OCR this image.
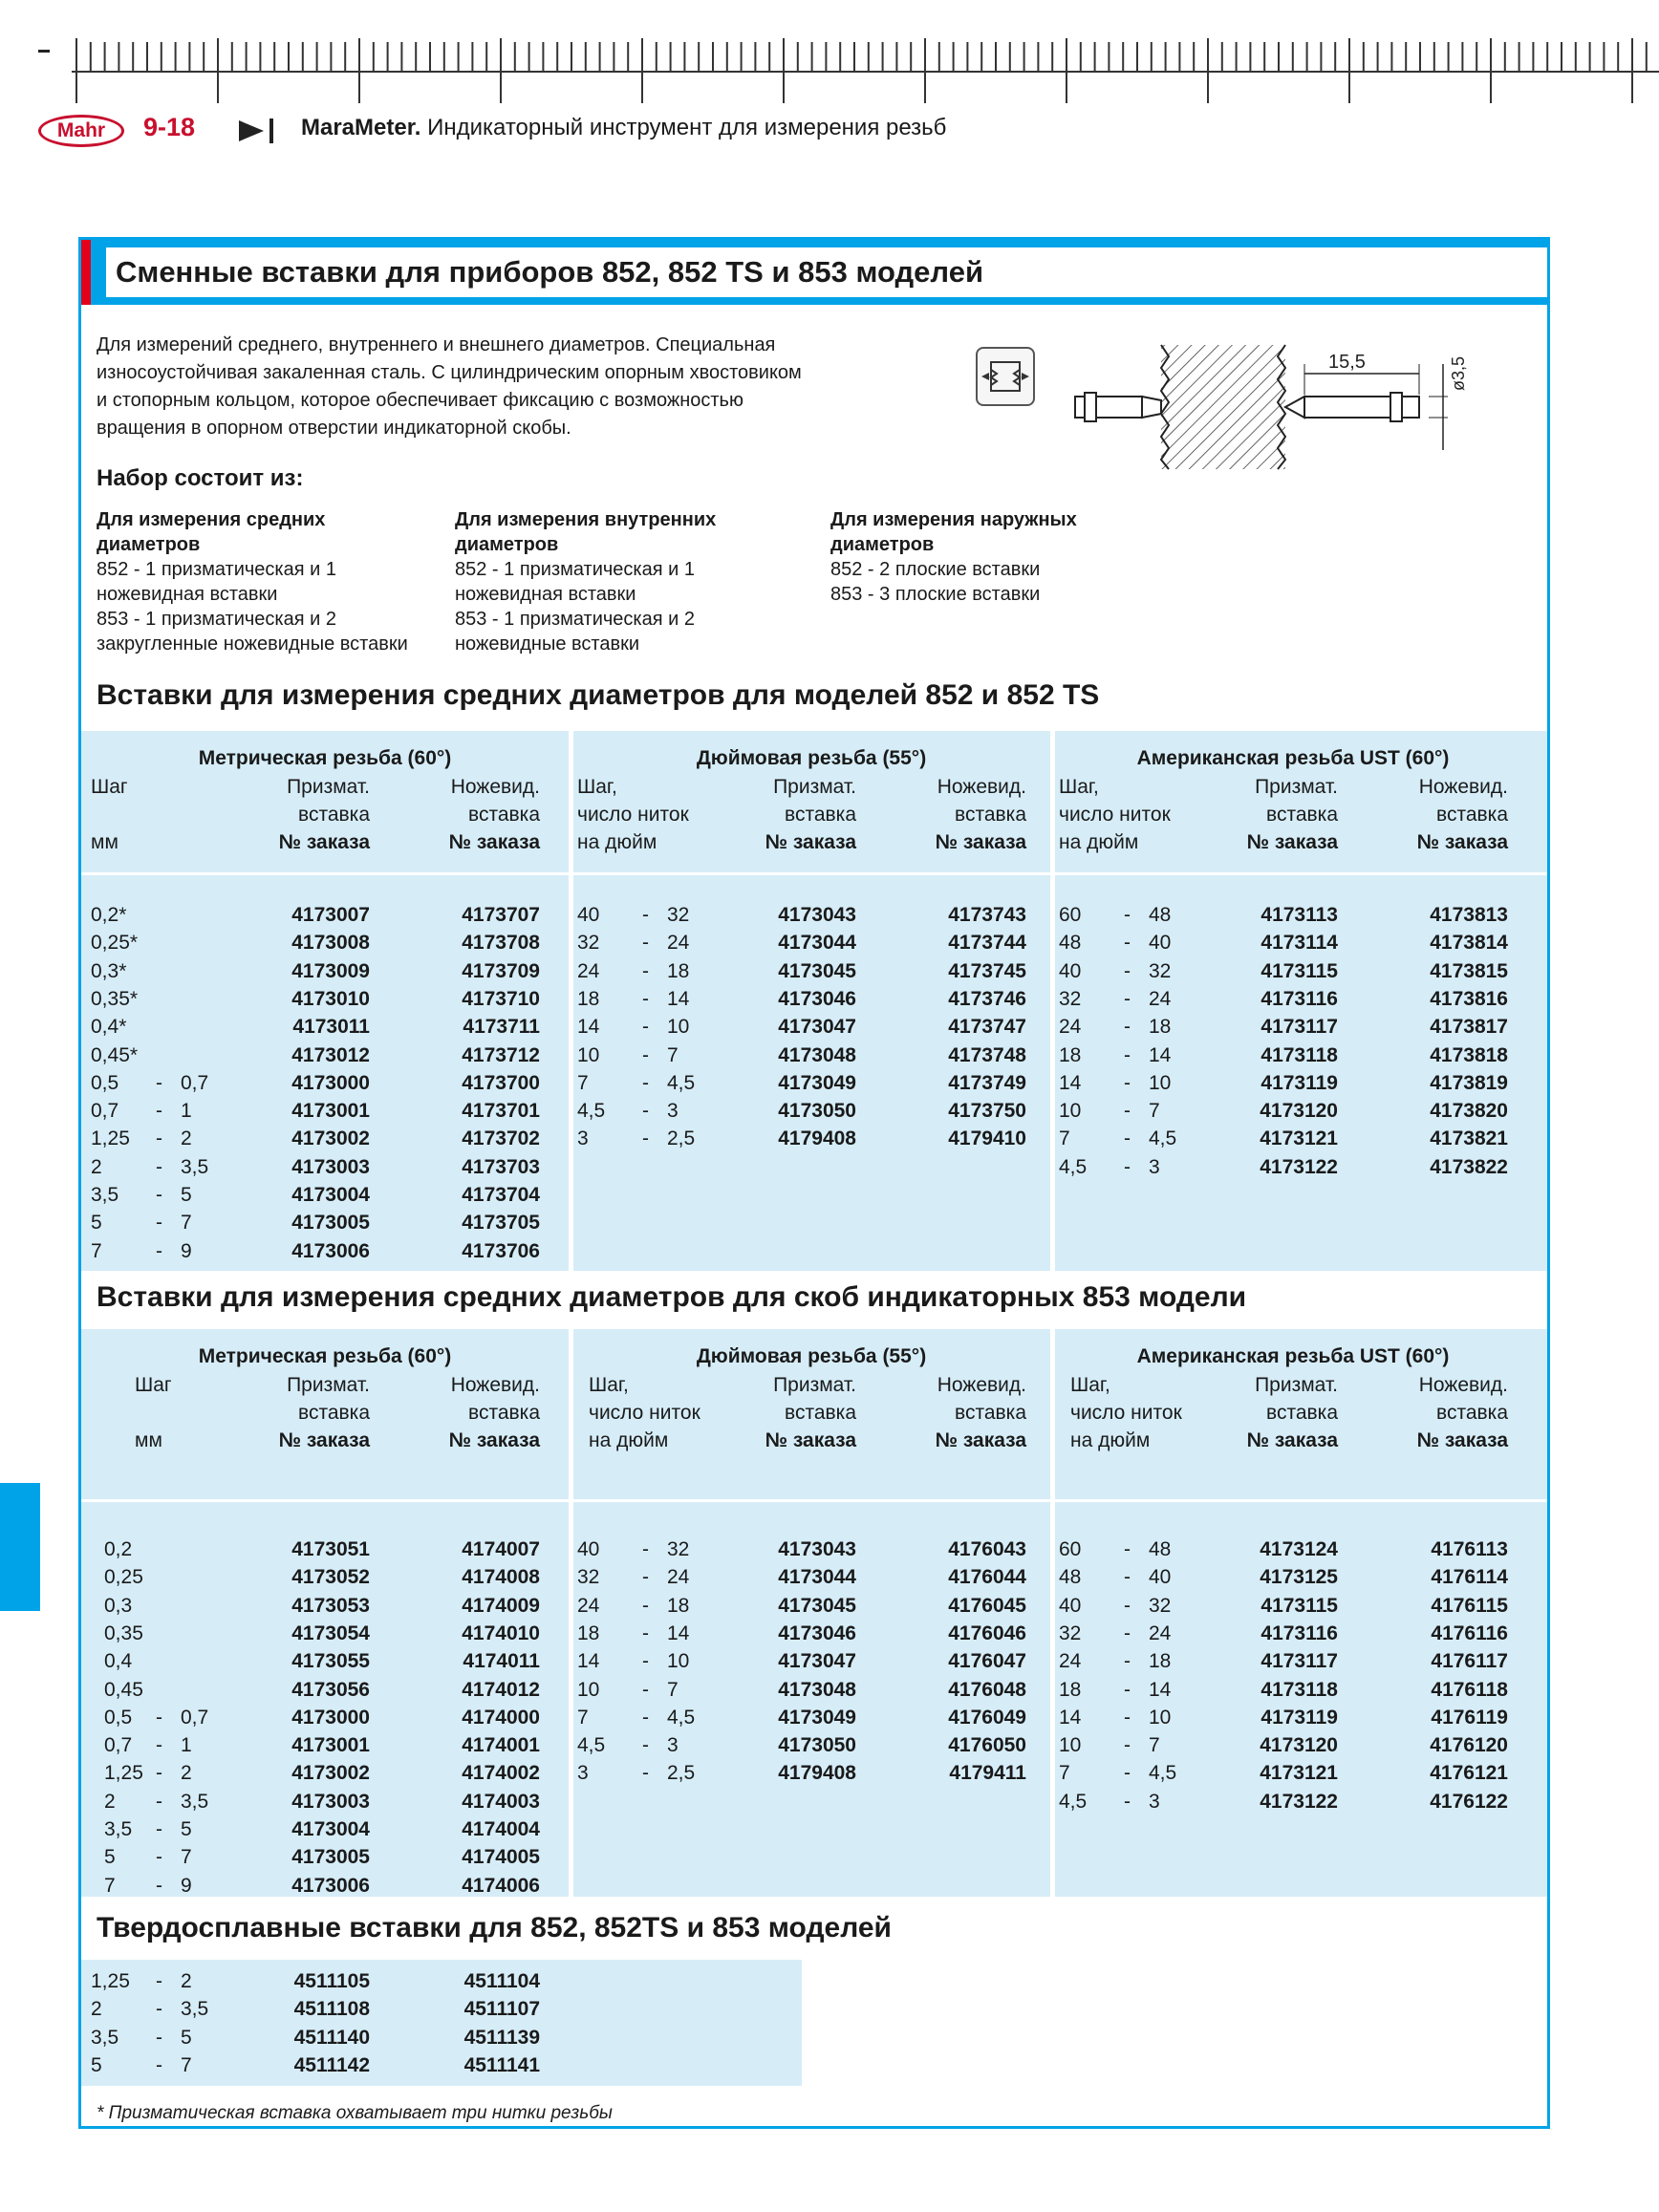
Mahr	9-18	MaraMeter. Индикаторный инструмент для измерения резьб
Сменные вставки для приборов 852, 852 TS и 853 моделей
Для измерений среднего, внутреннего и внешнего диаметров. Специальная
износоустойчивая закаленная сталь. С цилиндрическим опорным хвостовиком
и стопорным кольцом, которое обеспечивает фиксацию с возможностью
вращения в опорном отверстии индикаторной скобы.
15,5	ø3,5
Набор состоит из:
Для измерения средних
диаметров
852 - 1 призматическая и 1
ножевидная вставки
853 - 1 призматическая и 2
закругленные ножевидные вставки
Для измерения внутренних
диаметров
852 - 1 призматическая и 1
ножевидная вставки
853 - 1 призматическая и 2
ножевидные вставки
Для измерения наружных
диаметров
852 - 2 плоские вставки
853 - 3 плоские вставки
Вставки для измерения средних диаметров для моделей 852 и 852 TS
Метрическая резьба (60°)
Шаг	Призмат.	Ножевид.
вставка	вставка
мм	№ заказа	№ заказа
0,2*	4173007	4173707
0,25*	4173008	4173708
0,3*	4173009	4173709
0,35*	4173010	4173710
0,4*	4173011	4173711
0,45*	4173012	4173712
0,5 - 0,7	4173000	4173700
0,7 - 1	4173001	4173701
1,25 - 2	4173002	4173702
2	- 3,5	4173003	4173703
3,5 - 5	4173004	4173704
5	- 7	4173005	4173705
7	- 9	4173006	4173706
Дюймовая резьба (55°)
Шаг,	Призмат.	Ножевид.
число ниток	вставка	вставка
на дюйм	№ заказа	№ заказа
40 - 32	4173043	4173743
32 - 24	4173044	4173744
24 - 18	4173045	4173745
18 - 14	4173046	4173746
14 - 10	4173047	4173747
10 - 7	4173048	4173748
7	- 4,5	4173049	4173749
4,5 - 3	4173050	4173750
3	- 2,5	4179408	4179410
Американская резьба UST (60°)
Шаг,	Призмат.	Ножевид.
число ниток	вставка	вставка
на дюйм	№ заказа	№ заказа
60 - 48	4173113	4173813
48 - 40	4173114	4173814
40 - 32	4173115	4173815
32 - 24	4173116	4173816
24 - 18	4173117	4173817
18 - 14	4173118	4173818
14 - 10	4173119	4173819
10 - 7	4173120	4173820
7	- 4,5	4173121	4173821
4,5 - 3	4173122	4173822
Вставки для измерения средних диаметров для скоб индикаторных 853 модели
Метрическая резьба (60°)
Шаг	Призмат.	Ножевид.
вставка	вставка
мм	№ заказа	№ заказа
0,2	4173051	4174007
0,25	4173052	4174008
0,3	4173053	4174009
0,35	4173054	4174010
0,4	4173055	4174011
0,45	4173056	4174012
0,5 - 0,7	4173000	4174000
0,7 - 1	4173001	4174001
1,25 - 2	4173002	4174002
2 - 3,5	4173003	4174003
3,5 - 5	4173004	4174004
5 - 7	4173005	4174005
7 - 9	4173006	4174006
Дюймовая резьба (55°)
Шаг,	Призмат.	Ножевид.
число ниток	вставка	вставка
на дюйм	№ заказа	№ заказа
40 - 32	4173043	4176043
32 - 24	4173044	4176044
24 - 18	4173045	4176045
18 - 14	4173046	4176046
14 - 10	4173047	4176047
10 - 7	4173048	4176048
7	- 4,5	4173049	4176049
4,5 - 3	4173050	4176050
3	- 2,5	4179408	4179411
Американская резьба UST (60°)
Шаг,	Призмат.	Ножевид.
число ниток	вставка	вставка
на дюйм	№ заказа	№ заказа
60 - 48	4173124	4176113
48 - 40	4173125	4176114
40 - 32	4173115	4176115
32 - 24	4173116	4176116
24 - 18	4173117	4176117
18 - 14	4173118	4176118
14 - 10	4173119	4176119
10 - 7	4173120	4176120
7	- 4,5	4173121	4176121
4,5 - 3	4173122	4176122
Твердосплавные вставки для 852, 852TS и 853 моделей
1,25 - 2	4511105	4511104
2	- 3,5	4511108	4511107
3,5 - 5	4511140	4511139
5	- 7	4511142	4511141
* Призматическая вставка охватывает три нитки резьбы
